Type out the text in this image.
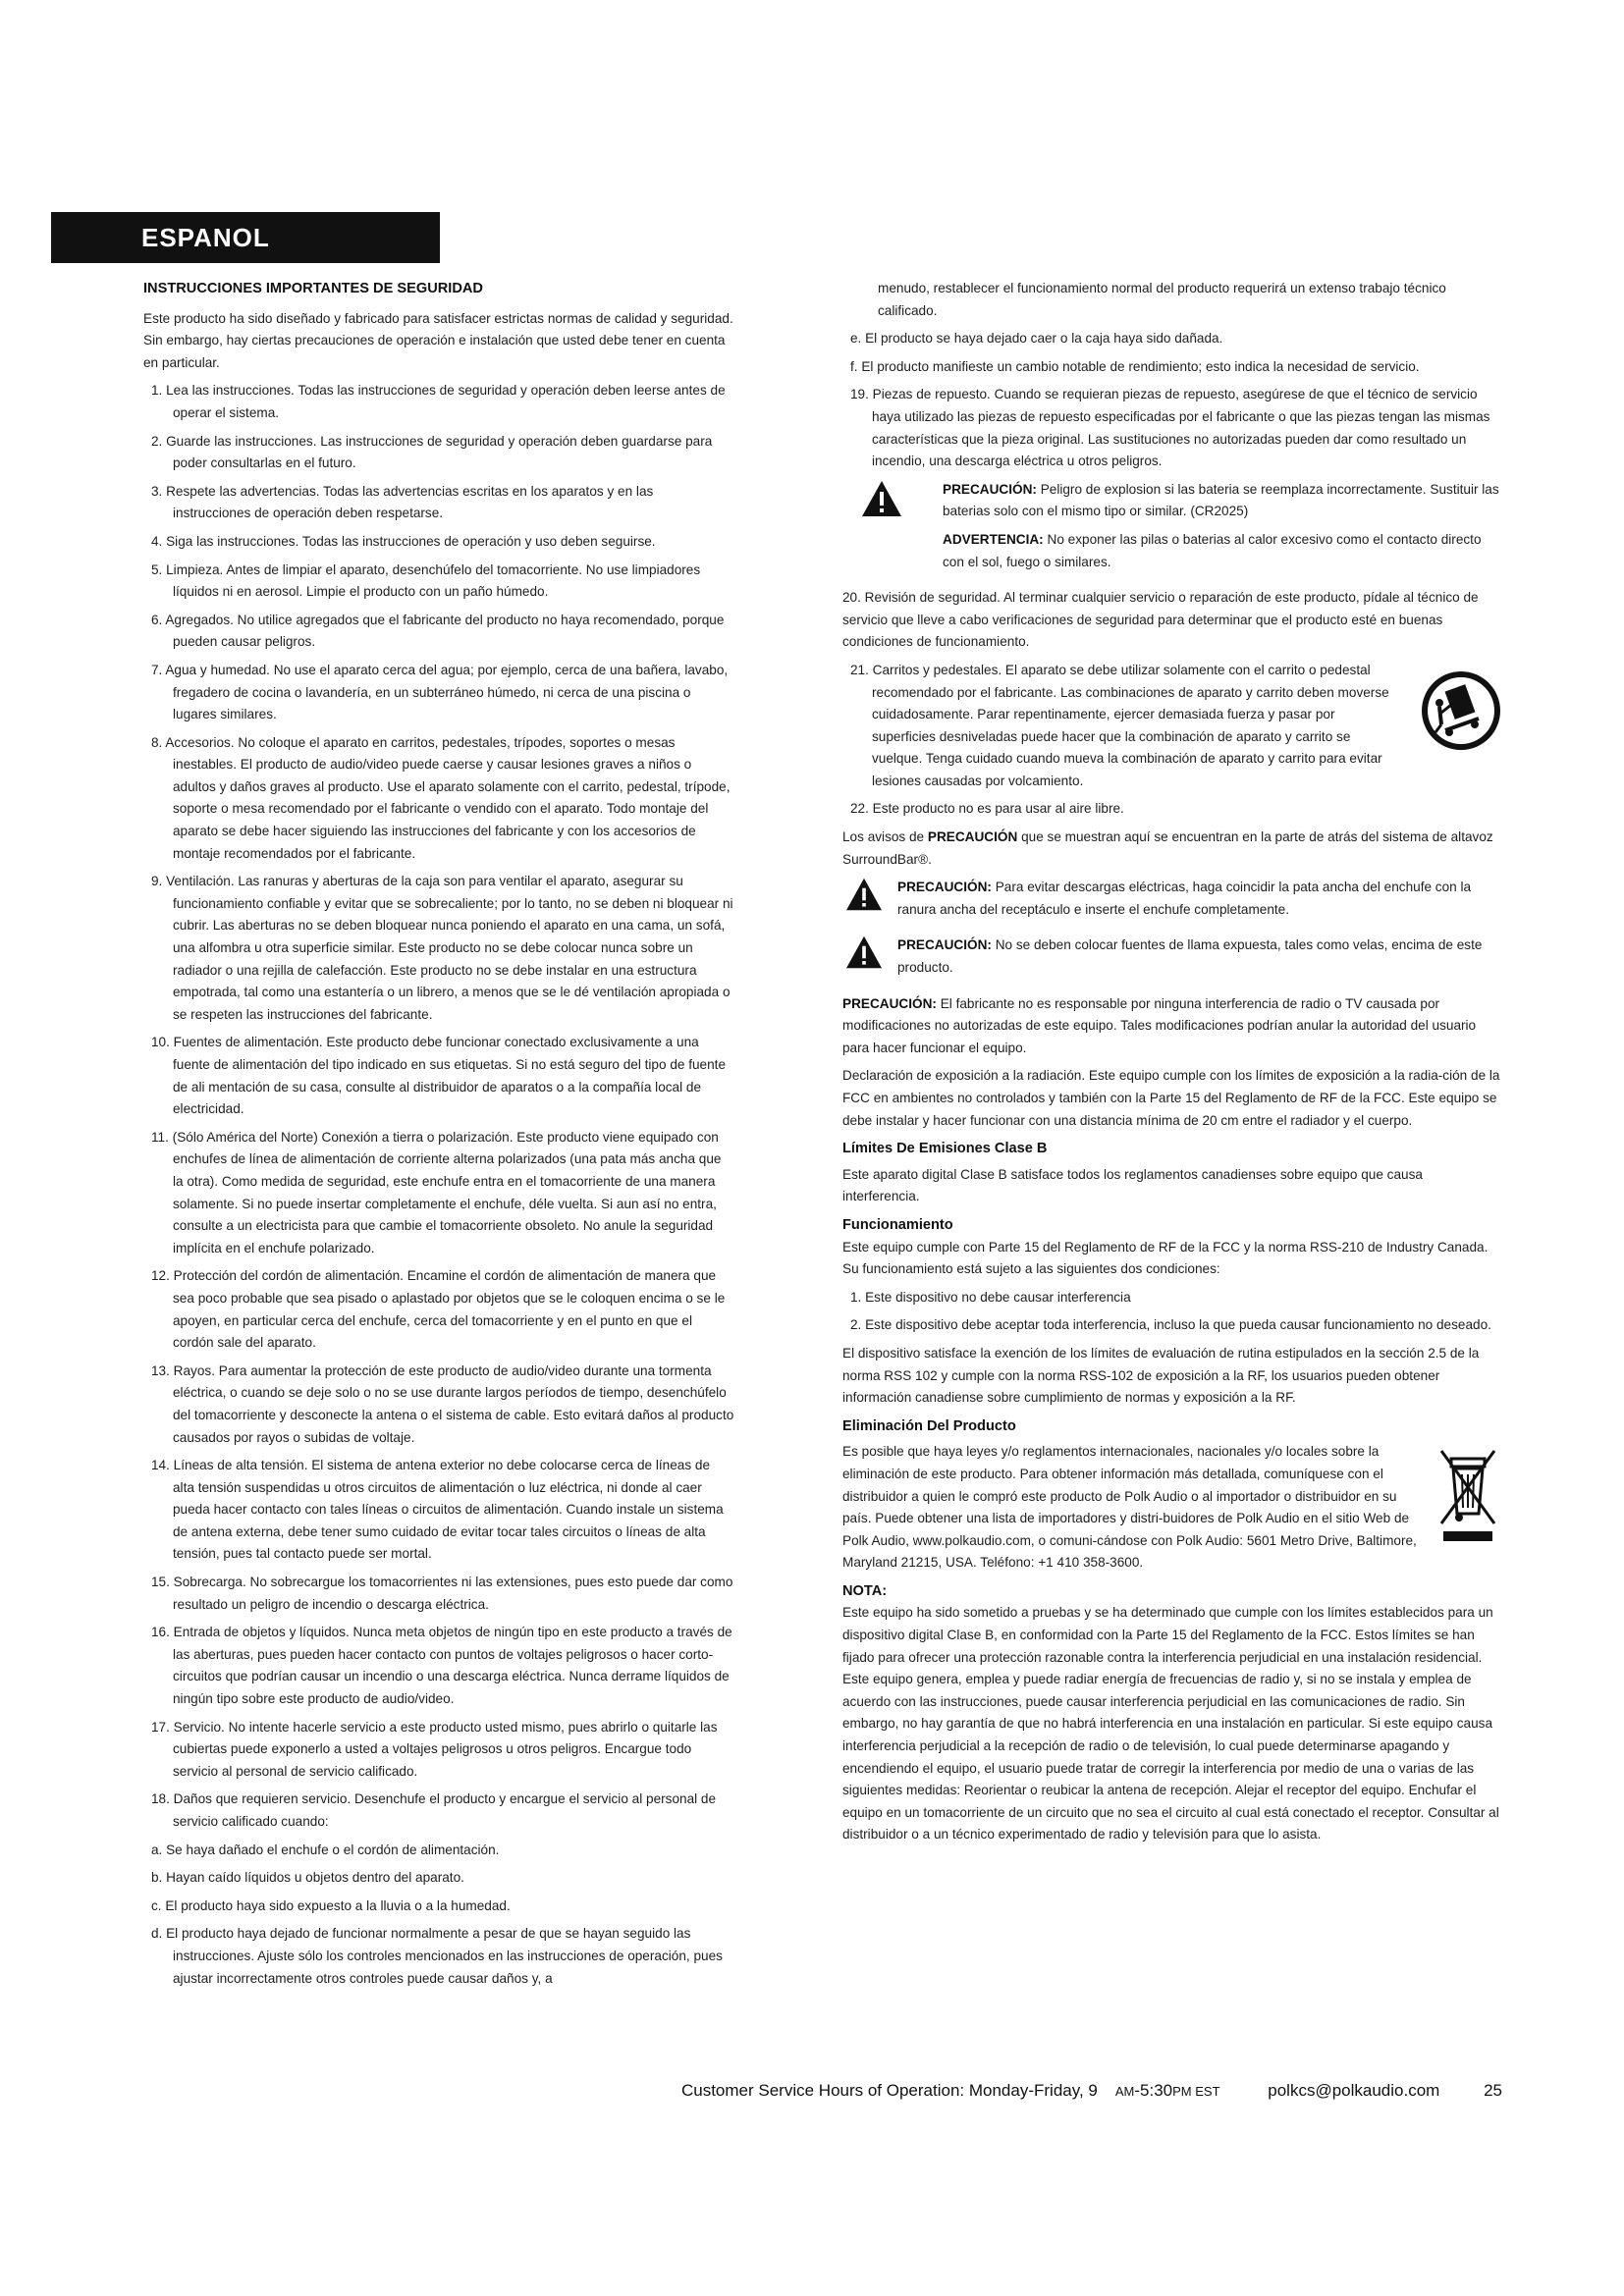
ESPANOL
INSTRUCCIONES IMPORTANTES DE SEGURIDAD
Este producto ha sido diseñado y fabricado para satisfacer estrictas normas de calidad y seguridad. Sin embargo, hay ciertas precauciones de operación e instalación que usted debe tener en cuenta en particular.
1. Lea las instrucciones. Todas las instrucciones de seguridad y operación deben leerse antes de operar el sistema.
2. Guarde las instrucciones. Las instrucciones de seguridad y operación deben guardarse para poder consultarlas en el futuro.
3. Respete las advertencias. Todas las advertencias escritas en los aparatos y en las instrucciones de operación deben respetarse.
4. Siga las instrucciones. Todas las instrucciones de operación y uso deben seguirse.
5. Limpieza. Antes de limpiar el aparato, desenchúfelo del tomacorriente. No use limpiadores líquidos ni en aerosol. Limpie el producto con un paño húmedo.
6. Agregados. No utilice agregados que el fabricante del producto no haya recomendado, porque pueden causar peligros.
7. Agua y humedad. No use el aparato cerca del agua; por ejemplo, cerca de una bañera, lavabo, fregadero de cocina o lavandería, en un subterráneo húmedo, ni cerca de una piscina o lugares similares.
8. Accesorios. No coloque el aparato en carritos, pedestales, trípodes, soportes o mesas inestables. El producto de audio/video puede caerse y causar lesiones graves a niños o adultos y daños graves al producto. Use el aparato solamente con el carrito, pedestal, trípode, soporte o mesa recomendado por el fabricante o vendido con el aparato. Todo montaje del aparato se debe hacer siguiendo las instrucciones del fabricante y con los accesorios de montaje recomendados por el fabricante.
9. Ventilación. Las ranuras y aberturas de la caja son para ventilar el aparato, asegurar su funcionamiento confiable y evitar que se sobrecaliente; por lo tanto, no se deben ni bloquear ni cubrir. Las aberturas no se deben bloquear nunca poniendo el aparato en una cama, un sofá, una alfombra u otra superficie similar. Este producto no se debe colocar nunca sobre un radiador o una rejilla de calefacción. Este producto no se debe instalar en una estructura empotrada, tal como una estantería o un librero, a menos que se le dé ventilación apropiada o se respeten las instrucciones del fabricante.
10. Fuentes de alimentación. Este producto debe funcionar conectado exclusivamente a una fuente de alimentación del tipo indicado en sus etiquetas. Si no está seguro del tipo de fuente de ali mentación de su casa, consulte al distribuidor de aparatos o a la compañía local de electricidad.
11. (Sólo América del Norte) Conexión a tierra o polarización. Este producto viene equipado con enchufes de línea de alimentación de corriente alterna polarizados (una pata más ancha que la otra). Como medida de seguridad, este enchufe entra en el tomacorriente de una manera solamente. Si no puede insertar completamente el enchufe, déle vuelta. Si aun así no entra, consulte a un electricista para que cambie el tomacorriente obsoleto. No anule la seguridad implícita en el enchufe polarizado.
12. Protección del cordón de alimentación. Encamine el cordón de alimentación de manera que sea poco probable que sea pisado o aplastado por objetos que se le coloquen encima o se le apoyen, en particular cerca del enchufe, cerca del tomacorriente y en el punto en que el cordón sale del aparato.
13. Rayos. Para aumentar la protección de este producto de audio/video durante una tormenta eléctrica, o cuando se deje solo o no se use durante largos períodos de tiempo, desenchúfelo del tomacorriente y desconecte la antena o el sistema de cable. Esto evitará daños al producto causados por rayos o subidas de voltaje.
14. Líneas de alta tensión. El sistema de antena exterior no debe colocarse cerca de líneas de alta tensión suspendidas u otros circuitos de alimentación o luz eléctrica, ni donde al caer pueda hacer contacto con tales líneas o circuitos de alimentación. Cuando instale un sistema de antena externa, debe tener sumo cuidado de evitar tocar tales circuitos o líneas de alta tensión, pues tal contacto puede ser mortal.
15. Sobrecarga. No sobrecargue los tomacorrientes ni las extensiones, pues esto puede dar como resultado un peligro de incendio o descarga eléctrica.
16. Entrada de objetos y líquidos. Nunca meta objetos de ningún tipo en este producto a través de las aberturas, pues pueden hacer contacto con puntos de voltajes peligrosos o hacer corto-circuitos que podrían causar un incendio o una descarga eléctrica. Nunca derrame líquidos de ningún tipo sobre este producto de audio/video.
17. Servicio. No intente hacerle servicio a este producto usted mismo, pues abrirlo o quitarle las cubiertas puede exponerlo a usted a voltajes peligrosos u otros peligros. Encargue todo servicio al personal de servicio calificado.
18. Daños que requieren servicio. Desenchufe el producto y encargue el servicio al personal de servicio calificado cuando:
a. Se haya dañado el enchufe o el cordón de alimentación.
b. Hayan caído líquidos u objetos dentro del aparato.
c. El producto haya sido expuesto a la lluvia o a la humedad.
d. El producto haya dejado de funcionar normalmente a pesar de que se hayan seguido las instrucciones. Ajuste sólo los controles mencionados en las instrucciones de operación, pues ajustar incorrectamente otros controles puede causar daños y, a
menudo, restablecer el funcionamiento normal del producto requerirá un extenso trabajo técnico calificado.
e. El producto se haya dejado caer o la caja haya sido dañada.
f. El producto manifieste un cambio notable de rendimiento; esto indica la necesidad de servicio.
19. Piezas de repuesto. Cuando se requieran piezas de repuesto, asegúrese de que el técnico de servicio haya utilizado las piezas de repuesto especificadas por el fabricante o que las piezas tengan las mismas características que la pieza original. Las sustituciones no autorizadas pueden dar como resultado un incendio, una descarga eléctrica u otros peligros.
PRECAUCIÓN: Peligro de explosion si las bateria se reemplaza incorrectamente. Sustituir las baterias solo con el mismo tipo or similar. (CR2025)
ADVERTENCIA: No exponer las pilas o baterias al calor excesivo como el contacto directo con el sol, fuego o similares.
20. Revisión de seguridad. Al terminar cualquier servicio o reparación de este producto, pídale al técnico de servicio que lleve a cabo verificaciones de seguridad para determinar que el producto esté en buenas condiciones de funcionamiento.
21. Carritos y pedestales. El aparato se debe utilizar solamente con el carrito o pedestal recomendado por el fabricante. Las combinaciones de aparato y carrito deben moverse cuidadosamente. Parar repentinamente, ejercer demasiada fuerza y pasar por superficies desniveladas puede hacer que la combinación de aparato y carrito se vuelque. Tenga cuidado cuando mueva la combinación de aparato y carrito para evitar lesiones causadas por volcamiento.
22. Este producto no es para usar al aire libre.
Los avisos de PRECAUCIÓN que se muestran aquí se encuentran en la parte de atrás del sistema de altavoz SurroundBar®.
PRECAUCIÓN: Para evitar descargas eléctricas, haga coincidir la pata ancha del enchufe con la ranura ancha del receptáculo e inserte el enchufe completamente.
PRECAUCIÓN: No se deben colocar fuentes de llama expuesta, tales como velas, encima de este producto.
PRECAUCIÓN: El fabricante no es responsable por ninguna interferencia de radio o TV causada por modificaciones no autorizadas de este equipo. Tales modificaciones podrían anular la autoridad del usuario para hacer funcionar el equipo.
Declaración de exposición a la radiación. Este equipo cumple con los límites de exposición a la radia-ción de la FCC en ambientes no controlados y también con la Parte 15 del Reglamento de RF de la FCC. Este equipo se debe instalar y hacer funcionar con una distancia mínima de 20 cm entre el radiador y el cuerpo.
Límites De Emisiones Clase B
Este aparato digital Clase B satisface todos los reglamentos canadienses sobre equipo que causa interferencia.
Funcionamiento
Este equipo cumple con Parte 15 del Reglamento de RF de la FCC y la norma RSS-210 de Industry Canada. Su funcionamiento está sujeto a las siguientes dos condiciones:
1. Este dispositivo no debe causar interferencia
2. Este dispositivo debe aceptar toda interferencia, incluso la que pueda causar funcionamiento no deseado.
El dispositivo satisface la exención de los límites de evaluación de rutina estipulados en la sección 2.5 de la norma RSS 102 y cumple con la norma RSS-102 de exposición a la RF, los usuarios pueden obtener información canadiense sobre cumplimiento de normas y exposición a la RF.
Eliminación Del Producto
Es posible que haya leyes y/o reglamentos internacionales, nacionales y/o locales sobre la eliminación de este producto. Para obtener información más detallada, comuníquese con el distribuidor a quien le compró este producto de Polk Audio o al importador o distribuidor en su país. Puede obtener una lista de importadores y distri-buidores de Polk Audio en el sitio Web de Polk Audio, www.polkaudio.com, o comuni-cándose con Polk Audio: 5601 Metro Drive, Baltimore, Maryland 21215, USA. Teléfono: +1 410 358-3600.
NOTA:
Este equipo ha sido sometido a pruebas y se ha determinado que cumple con los límites establecidos para un dispositivo digital Clase B, en conformidad con la Parte 15 del Reglamento de la FCC. Estos límites se han fijado para ofrecer una protección razonable contra la interferencia perjudicial en una instalación residencial. Este equipo genera, emplea y puede radiar energía de frecuencias de radio y, si no se instala y emplea de acuerdo con las instrucciones, puede causar interferencia perjudicial en las comunicaciones de radio. Sin embargo, no hay garantía de que no habrá interferencia en una instalación en particular. Si este equipo causa interferencia perjudicial a la recepción de radio o de televisión, lo cual puede determinarse apagando y encendiendo el equipo, el usuario puede tratar de corregir la interferencia por medio de una o varias de las siguientes medidas: Reorientar o reubicar la antena de recepción. Alejar el receptor del equipo. Enchufar el equipo en un tomacorriente de un circuito que no sea el circuito al cual está conectado el receptor. Consultar al distribuidor o a un técnico experimentado de radio y televisión para que lo asista.
Customer Service Hours of Operation: Monday-Friday, 9 AM-5:30PM EST	polkcs@polkaudio.com	25
